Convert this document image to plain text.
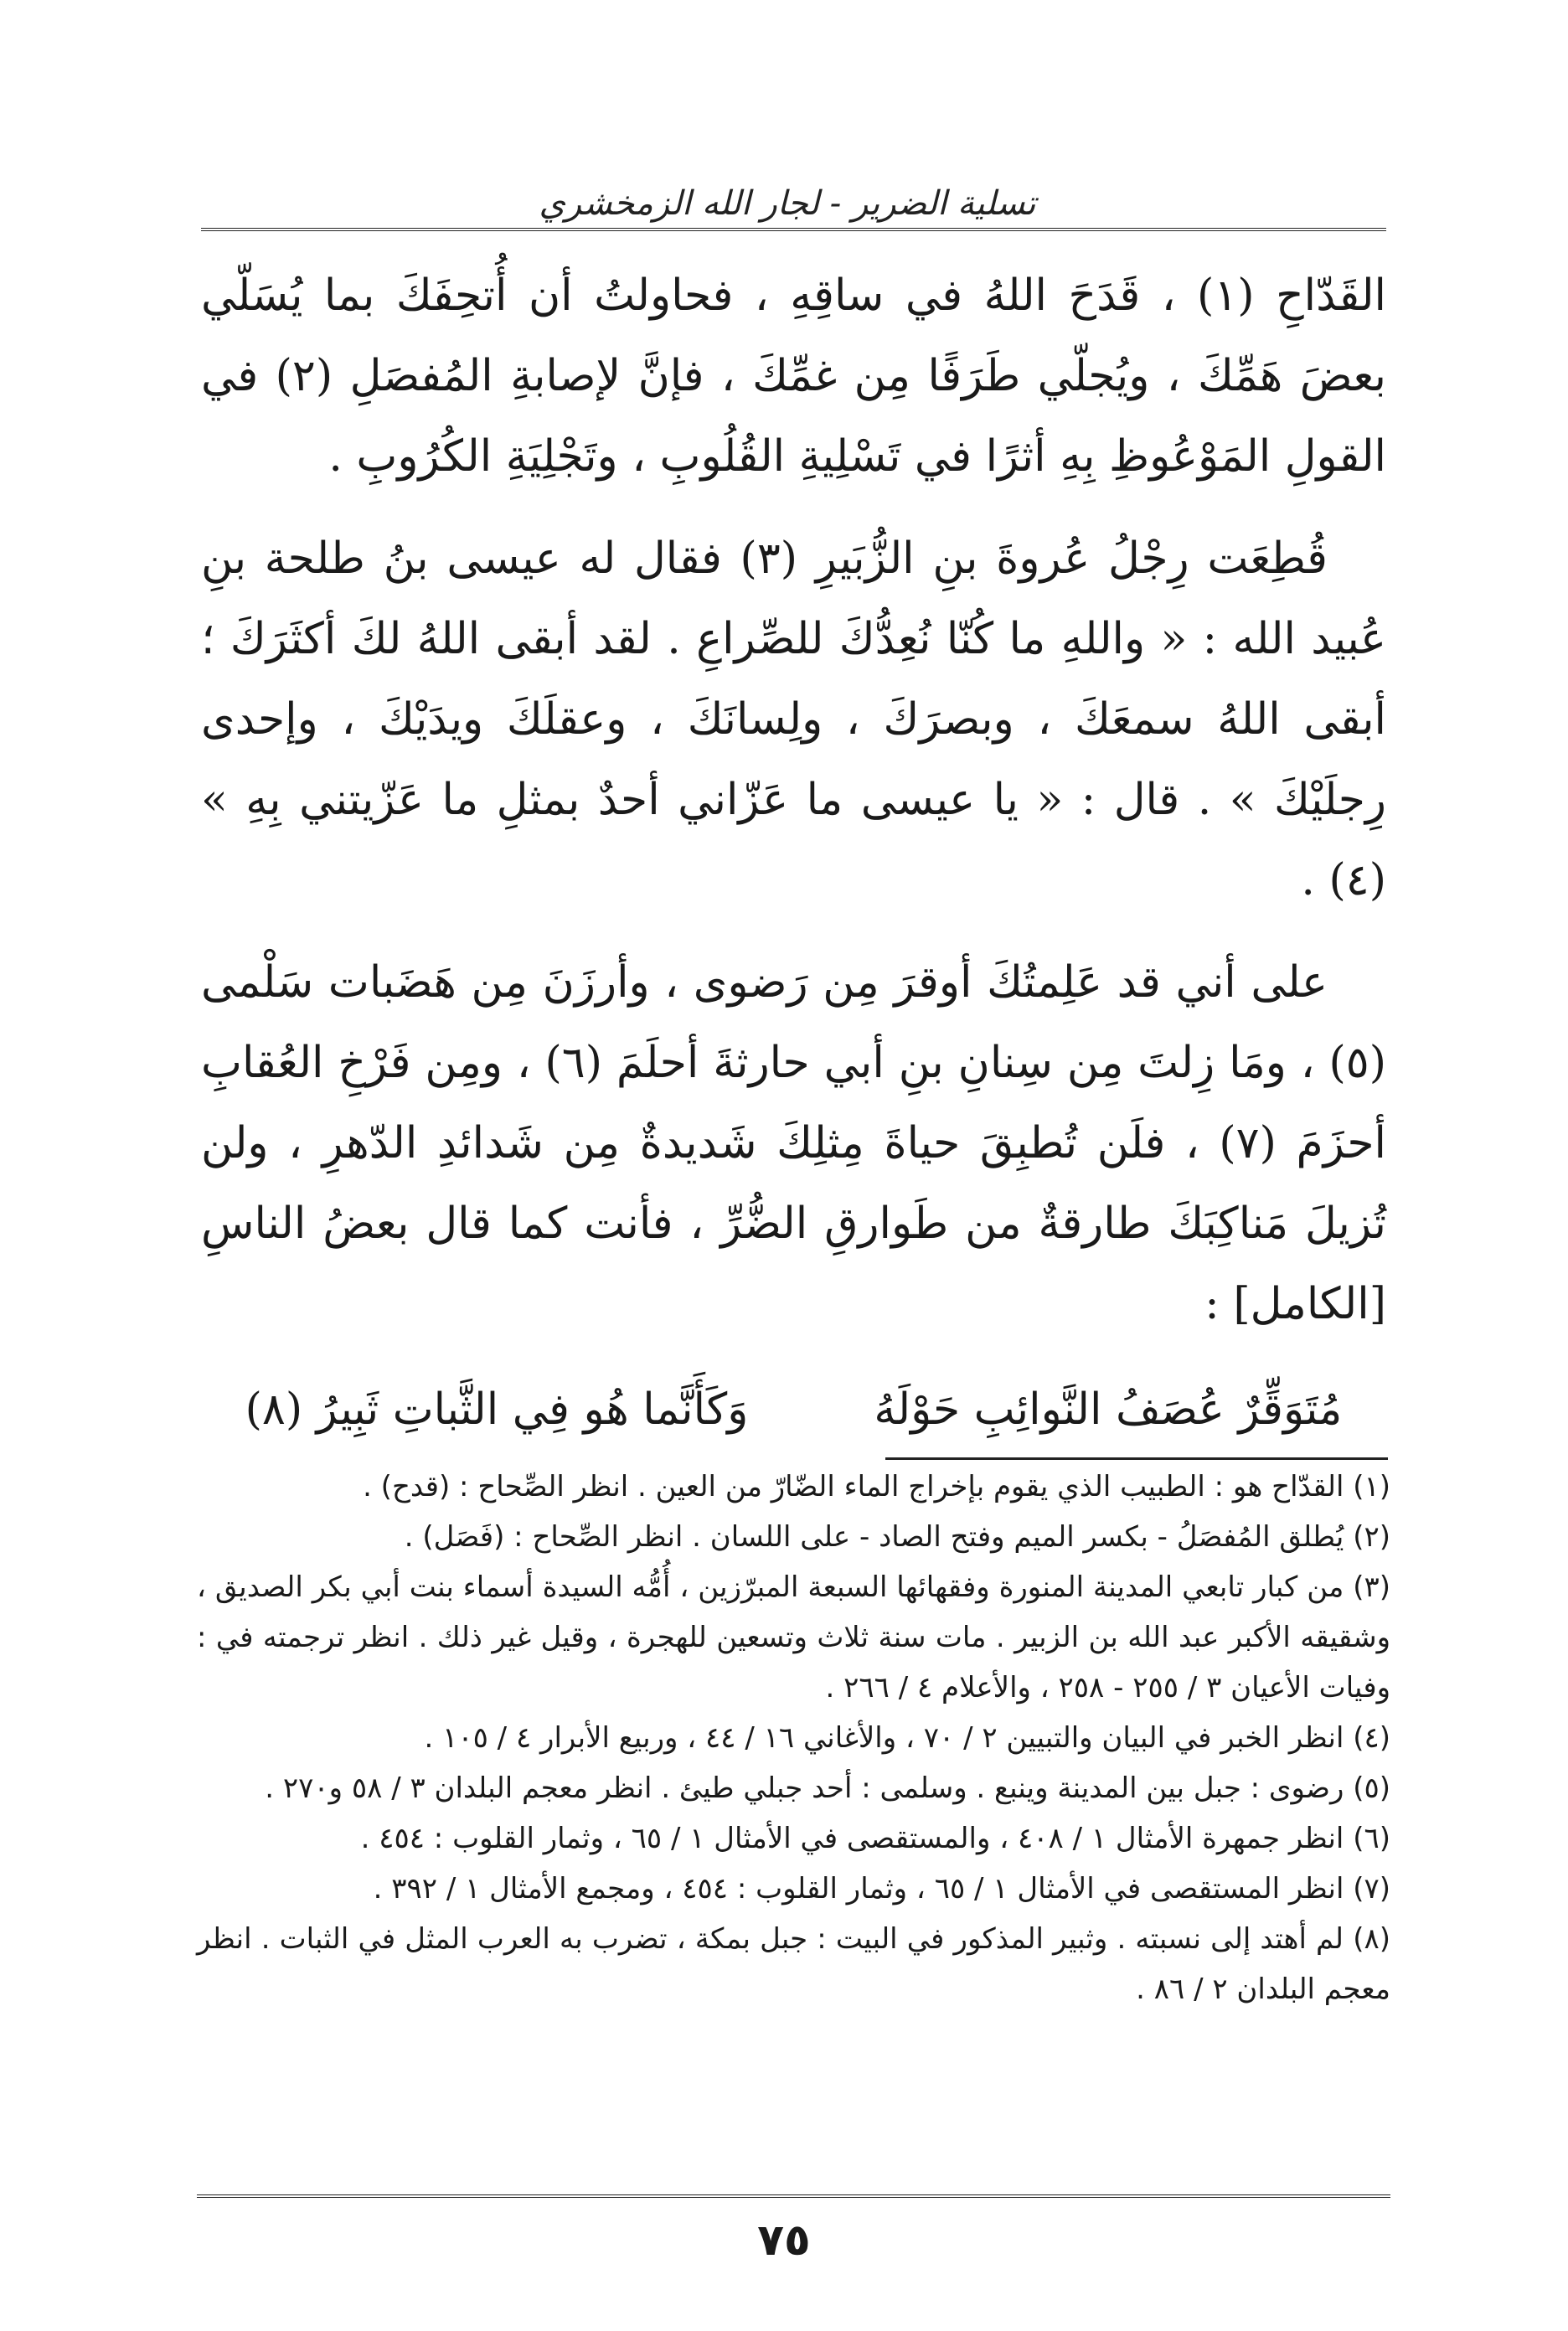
تسلية الضرير - لجار الله الزمخشري

القَدّاحِ (١) ، قَدَحَ اللهُ في ساقِهِ ، فحاولتُ أن أُتحِفَكَ بما يُسَلّي بعضَ هَمِّكَ ، ويُجلّي طَرَفًا مِن غمِّكَ ، فإنَّ لإصابةِ المُفصَلِ (٢) في القولِ المَوْعُوظِ بِهِ أثرًا في تَسْلِيةِ القُلُوبِ ، وتَجْلِيَةِ الكُرُوبِ .

قُطِعَت رِجْلُ عُروةَ بنِ الزُّبَيرِ (٣) فقال له عيسى بنُ طلحة بنِ عُبيد الله : « واللهِ ما كُنّا نُعِدُّكَ للصِّراعِ . لقد أبقى اللهُ لكَ أكثَرَكَ ؛ أبقى اللهُ سمعَكَ ، وبصرَكَ ، ولِسانَكَ ، وعقلَكَ ويدَيْكَ ، وإحدى رِجلَيْكَ » . قال : « يا عيسى ما عَزّاني أحدٌ بمثلِ ما عَزّيتني بِهِ » (٤) .

على أني قد عَلِمتُكَ أوقرَ مِن رَضوى ، وأرزَنَ مِن هَضَبات سَلْمى (٥) ، ومَا زِلتَ مِن سِنانِ بنِ أبي حارثةَ أحلَمَ (٦) ، ومِن فَرْخِ العُقابِ أحزَمَ (٧) ، فلَن تُطبِقَ حياةَ مِثلِكَ شَديدةٌ مِن شَدائدِ الدّهرِ ، ولن تُزيلَ مَناكِبَكَ طارقةٌ من طَوارقِ الضُّرِّ ، فأنت كما قال بعضُ الناسِ [الكامل] :

مُتَوَقِّرٌ عُصَفُ النَّوائِبِ حَوْلَهُ
وَكَأَنَّما هُو فِي الثَّباتِ ثَبِيرُ (٨)

(١) القدّاح هو : الطبيب الذي يقوم بإخراج الماء الضّارّ من العين . انظر الصِّحاح : (قدح) .

(٢) يُطلق المُفصَلُ - بكسر الميم وفتح الصاد - على اللسان . انظر الصِّحاح : (فَصَل) .

(٣) من كبار تابعي المدينة المنورة وفقهائها السبعة المبرّزين ، أُمُّه السيدة أسماء بنت أبي بكر الصديق ، وشقيقه الأكبر عبد الله بن الزبير . مات سنة ثلاث وتسعين للهجرة ، وقيل غير ذلك . انظر ترجمته في : وفيات الأعيان ٣ / ٢٥٥ - ٢٥٨ ، والأعلام ٤ / ٢٦٦ .

(٤) انظر الخبر في البيان والتبيين ٢ / ٧٠ ، والأغاني ١٦ / ٤٤ ، وربيع الأبرار ٤ / ١٠٥ .

(٥) رضوى : جبل بين المدينة وينبع . وسلمى : أحد جبلي طيئ . انظر معجم البلدان ٣ / ٥٨ و٢٧٠ .

(٦) انظر جمهرة الأمثال ١ / ٤٠٨ ، والمستقصى في الأمثال ١ / ٦٥ ، وثمار القلوب : ٤٥٤ .

(٧) انظر المستقصى في الأمثال ١ / ٦٥ ، وثمار القلوب : ٤٥٤ ، ومجمع الأمثال ١ / ٣٩٢ .

(٨) لم أهتد إلى نسبته . وثبير المذكور في البيت : جبل بمكة ، تضرب به العرب المثل في الثبات . انظر معجم البلدان ٢ / ٨٦ .

٧٥
